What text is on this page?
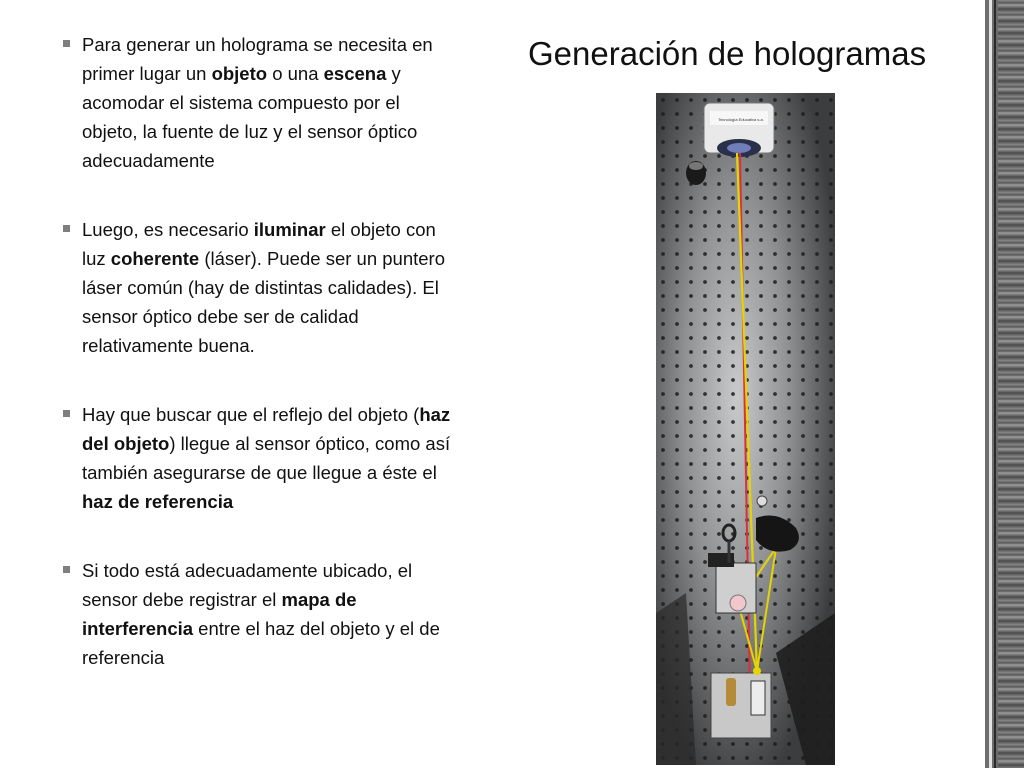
Para generar un holograma se necesita en primer lugar un objeto o una escena y acomodar el sistema compuesto por el objeto, la fuente de luz y el sensor óptico adecuadamente
Luego, es necesario iluminar el objeto con luz coherente (láser). Puede ser un puntero láser común (hay de distintas calidades). El sensor óptico debe ser de calidad relativamente buena.
Hay que buscar que el reflejo del objeto (haz del objeto) llegue al sensor óptico, como así también asegurarse de que llegue a éste el haz de referencia
Si todo está adecuadamente ubicado, el sensor debe registrar el mapa de interferencia entre el haz del objeto y el de referencia
Generación de hologramas
Tecnología Educativa s.a.
